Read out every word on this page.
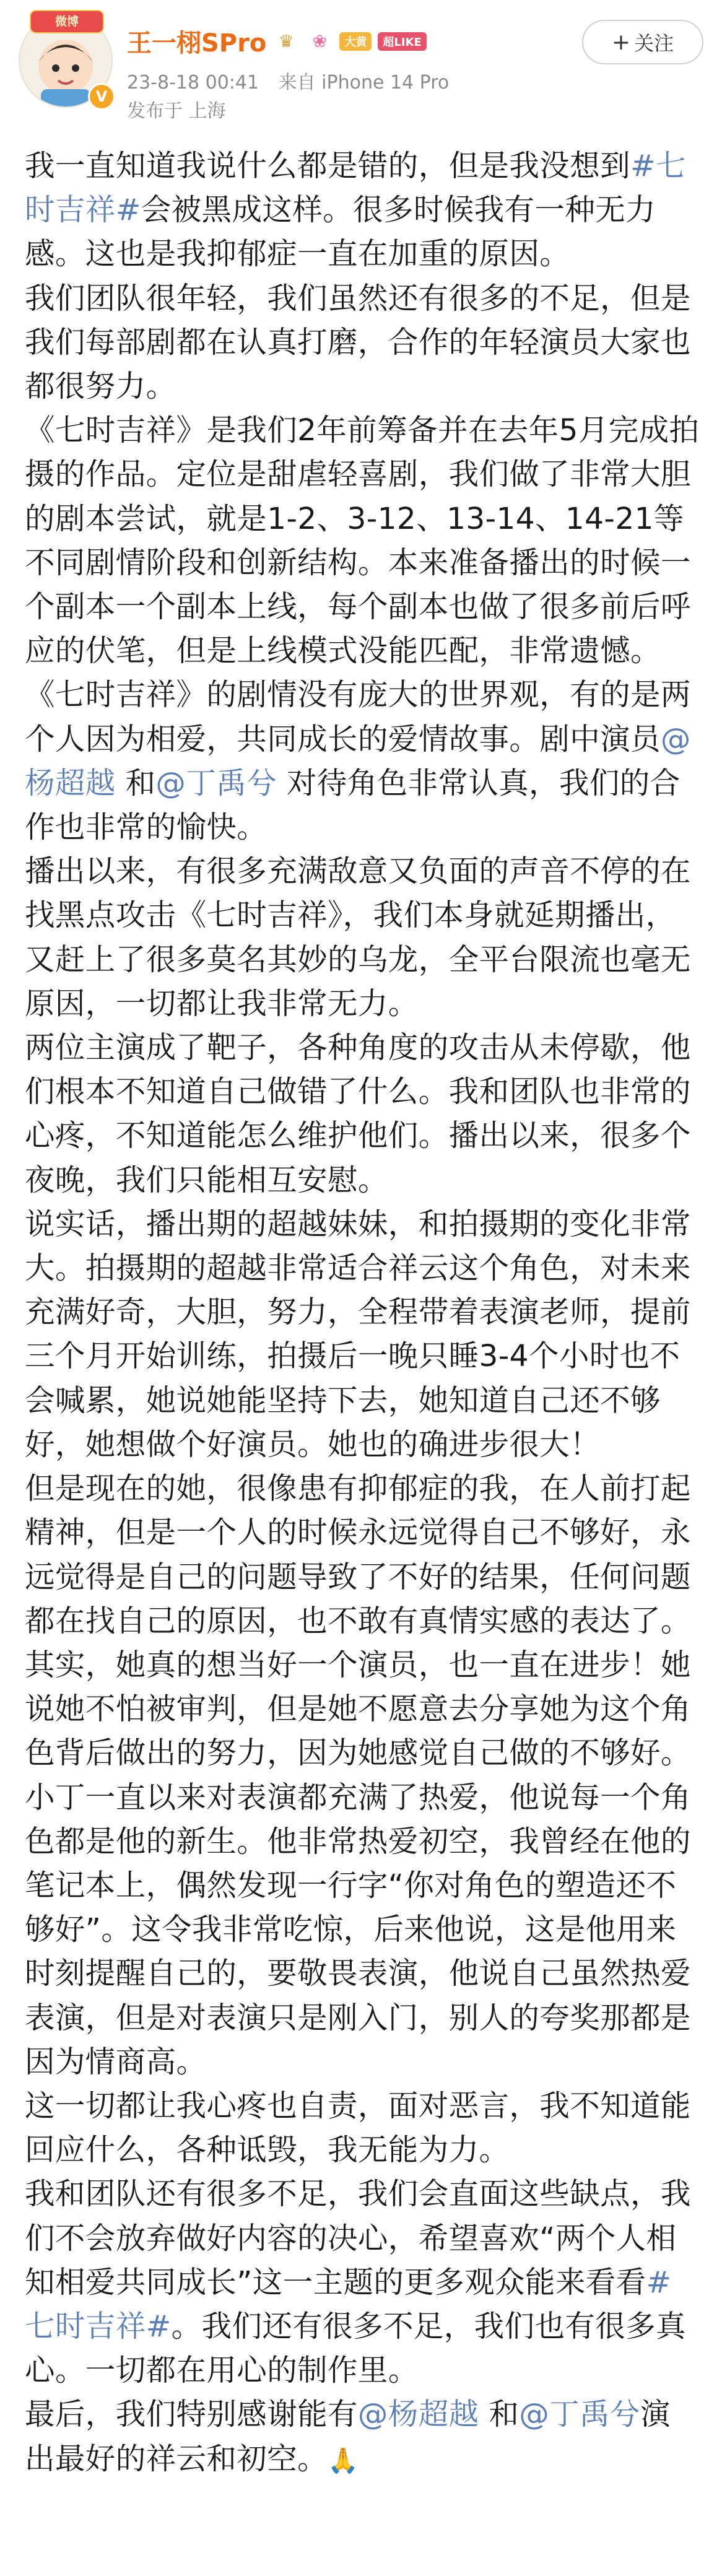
微博
V
王一栩SPro ♛	❀	大黄	超LIKE
23-8-18 00:41 来自 iPhone 14 Pro
发布于 上海
+ 关注

我一直知道我说什么都是错的，但是我没想到#七时吉祥#会被黑成这样。很多时候我有一种无力感。这也是我抑郁症一直在加重的原因。

我们团队很年轻，我们虽然还有很多的不足，但是我们每部剧都在认真打磨，合作的年轻演员大家也都很努力。

《七时吉祥》是我们2年前筹备并在去年5月完成拍摄的作品。定位是甜虐轻喜剧，我们做了非常大胆的剧本尝试，就是1-2、3-12、13-14、14-21等不同剧情阶段和创新结构。本来准备播出的时候一个副本一个副本上线，每个副本也做了很多前后呼应的伏笔，但是上线模式没能匹配，非常遗憾。

《七时吉祥》的剧情没有庞大的世界观，有的是两个人因为相爱，共同成长的爱情故事。剧中演员@杨超越 和@丁禹兮 对待角色非常认真，我们的合作也非常的愉快。

播出以来，有很多充满敌意又负面的声音不停的在找黑点攻击《七时吉祥》，我们本身就延期播出，又赶上了很多莫名其妙的乌龙，全平台限流也毫无原因，一切都让我非常无力。

两位主演成了靶子，各种角度的攻击从未停歇，他们根本不知道自己做错了什么。我和团队也非常的心疼，不知道能怎么维护他们。播出以来，很多个夜晚，我们只能相互安慰。

说实话，播出期的超越妹妹，和拍摄期的变化非常大。拍摄期的超越非常适合祥云这个角色，对未来充满好奇，大胆，努力，全程带着表演老师，提前三个月开始训练，拍摄后一晚只睡3-4个小时也不会喊累，她说她能坚持下去，她知道自己还不够好，她想做个好演员。她也的确进步很大！

但是现在的她，很像患有抑郁症的我，在人前打起精神，但是一个人的时候永远觉得自己不够好，永远觉得是自己的问题导致了不好的结果，任何问题都在找自己的原因，也不敢有真情实感的表达了。其实，她真的想当好一个演员，也一直在进步！她说她不怕被审判，但是她不愿意去分享她为这个角色背后做出的努力，因为她感觉自己做的不够好。

小丁一直以来对表演都充满了热爱，他说每一个角色都是他的新生。他非常热爱初空，我曾经在他的笔记本上，偶然发现一行字“你对角色的塑造还不够好”。这令我非常吃惊，后来他说，这是他用来时刻提醒自己的，要敬畏表演，他说自己虽然热爱表演，但是对表演只是刚入门，别人的夸奖那都是因为情商高。

这一切都让我心疼也自责，面对恶言，我不知道能回应什么，各种诋毁，我无能为力。

我和团队还有很多不足，我们会直面这些缺点，我们不会放弃做好内容的决心，希望喜欢“两个人相知相爱共同成长”这一主题的更多观众能来看看#七时吉祥#。我们还有很多不足，我们也有很多真心。一切都在用心的制作里。

最后，我们特别感谢能有@杨超越 和@丁禹兮演出最好的祥云和初空。🙏
